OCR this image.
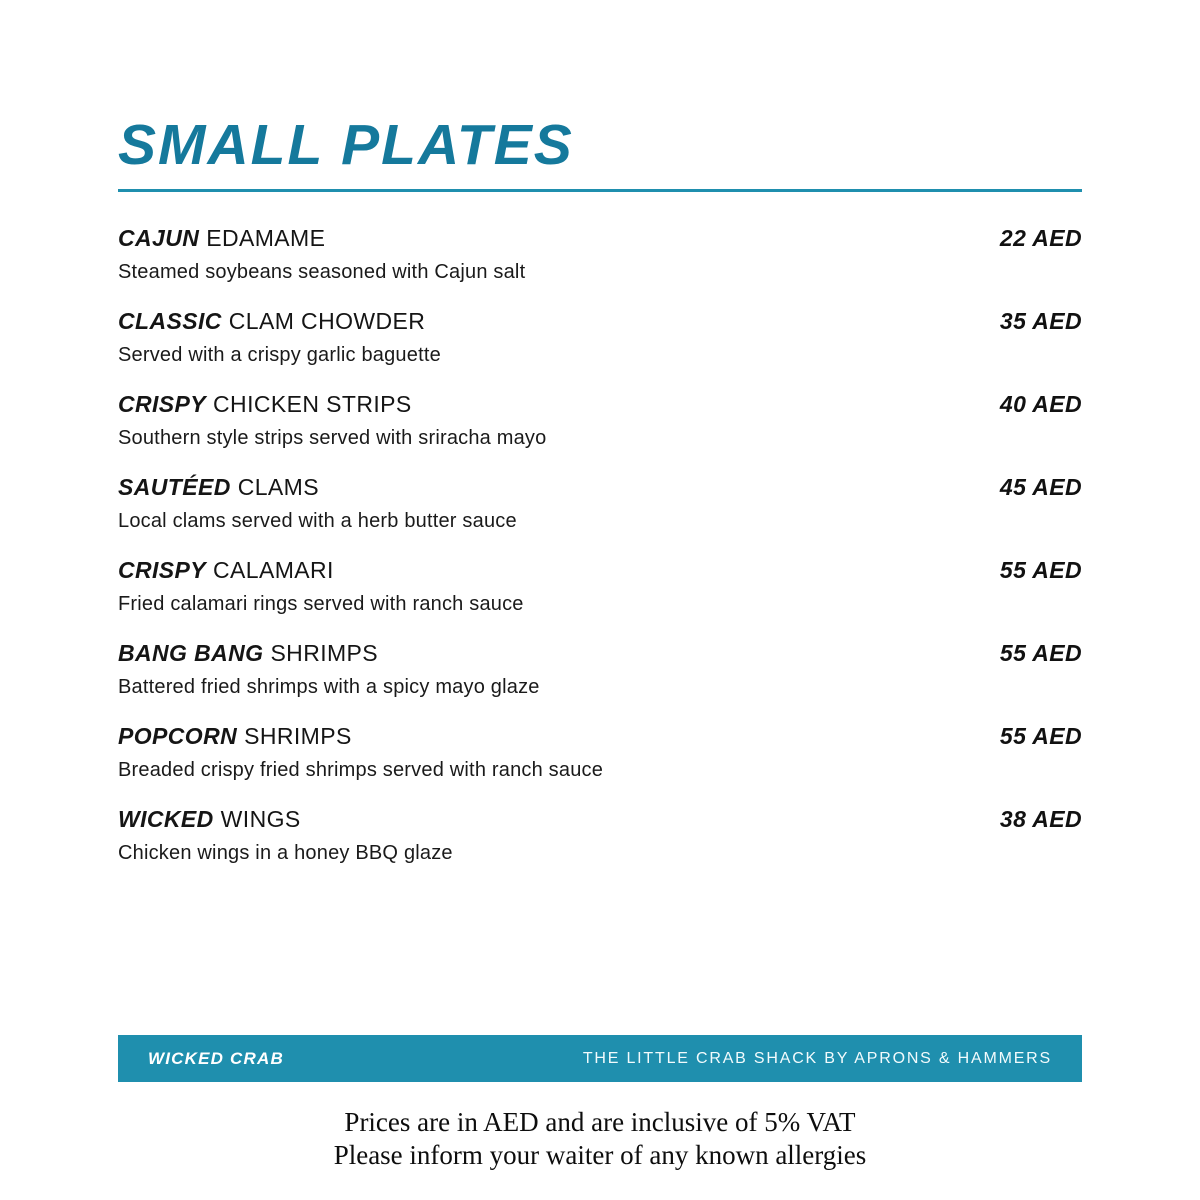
SMALL PLATES
CAJUN EDAMAME	22 AED
Steamed soybeans seasoned with Cajun salt
CLASSIC CLAM CHOWDER	35 AED
Served with a crispy garlic baguette
CRISPY CHICKEN STRIPS	40 AED
Southern style strips served with sriracha mayo
SAUTÉED CLAMS	45 AED
Local clams served with a herb butter sauce
CRISPY CALAMARI	55 AED
Fried calamari rings served with ranch sauce
BANG BANG SHRIMPS	55 AED
Battered fried shrimps with a spicy mayo glaze
POPCORN SHRIMPS	55 AED
Breaded crispy fried shrimps served with ranch sauce
WICKED WINGS	38 AED
Chicken wings in a honey BBQ glaze
WICKED CRAB	THE LITTLE CRAB SHACK BY APRONS & HAMMERS
Prices are in AED and are inclusive of 5% VAT
Please inform your waiter of any known allergies
